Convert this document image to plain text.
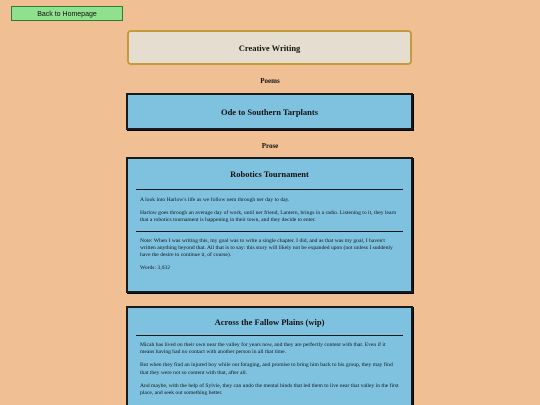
Back to Homepage
Creative Writing
Poems
Ode to Southern Tarplants
Prose
Robotics Tournament

A look into Harlow's life as we follow nem through ner day to day.

Harlow goes through an average day of work, until ner friend, Lantern, brings in a radio. Listening to it, they learn that a robotics tournament is happening in their town, and they decide to enter.

Note: When I was writing this, my goal was to write a single chapter. I did, and as that was my goal, I haven't written anything beyond that. All that is to say: this story will likely not be expanded upon (not unless I suddenly have the desire to continue it, of course).

Words: 3,032

Across the Fallow Plains (wip)

Micah has lived on their own near the valley for years now, and they are perfectly content with that. Even if it means having had no contact with another person in all that time.

But when they find an injured boy while out foraging, and promise to bring him back to his group, they may find that they were not so content with that, after all.

And maybe, with the help of Sylvie, they can undo the mental binds that led them to live near that valley in the first place, and seek out something better.
